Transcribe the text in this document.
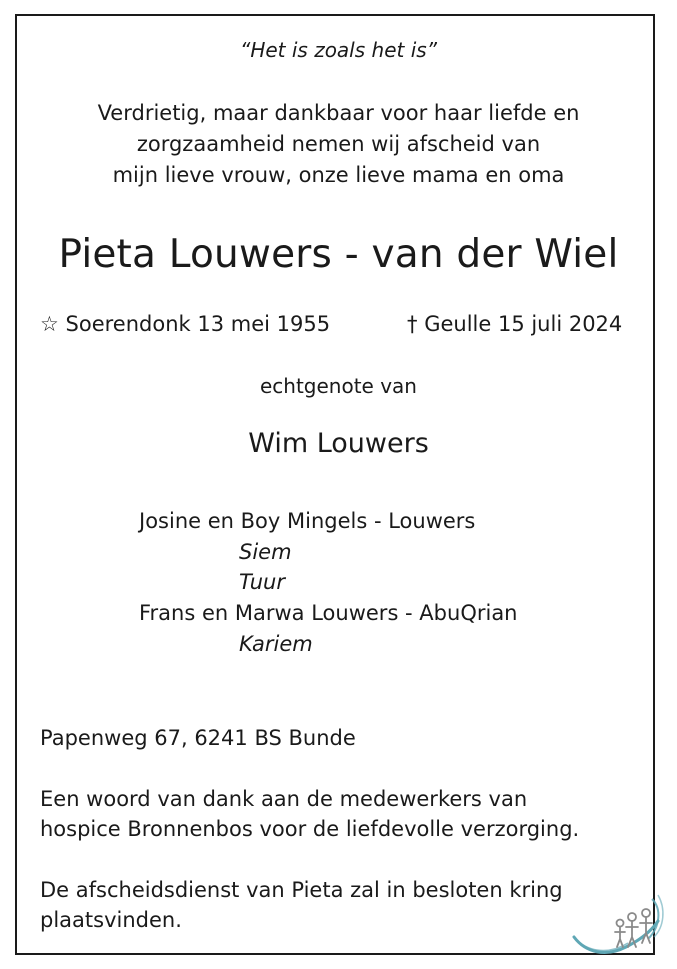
“Het is zoals het is”
Verdrietig, maar dankbaar voor haar liefde en
zorgzaamheid nemen wij afscheid van
mijn lieve vrouw, onze lieve mama en oma
Pieta Louwers - van der Wiel
☆ Soerendonk 13 mei 1955	† Geulle 15 juli 2024
echtgenote van
Wim Louwers
Josine en Boy Mingels - Louwers
Siem
Tuur
Frans en Marwa Louwers - AbuQrian
Kariem
Papenweg 67, 6241 BS Bunde
Een woord van dank aan de medewerkers van
hospice Bronnenbos voor de liefdevolle verzorging.
De afscheidsdienst van Pieta zal in besloten kring
plaatsvinden.
